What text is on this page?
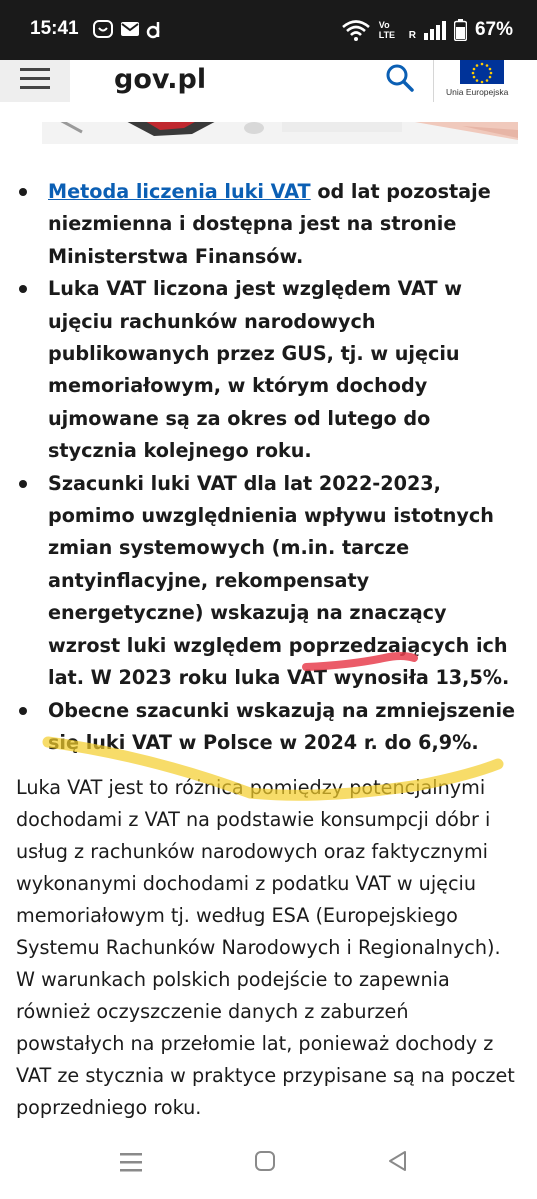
15:41	Vo LTE	R	67%
gov.pl	Unia Europejska
Metoda liczenia luki VAT od lat pozostaje niezmienna i dostępna jest na stronie Ministerstwa Finansów.
Luka VAT liczona jest względem VAT w ujęciu rachunków narodowych publikowanych przez GUS, tj. w ujęciu memoriałowym, w którym dochody ujmowane są za okres od lutego do stycznia kolejnego roku.
Szacunki luki VAT dla lat 2022-2023, pomimo uwzględnienia wpływu istotnych zmian systemowych (m.in. tarcze antyinflacyjne, rekompensaty energetyczne) wskazują na znaczący wzrost luki względem poprzedzających ich lat. W 2023 roku luka VAT wynosiła 13,5%.
Obecne szacunki wskazują na zmniejszenie się luki VAT w Polsce w 2024 r. do 6,9%.

Luka VAT jest to różnica pomiędzy potencjalnymi dochodami z VAT na podstawie konsumpcji dóbr i usług z rachunków narodowych oraz faktycznymi wykonanymi dochodami z podatku VAT w ujęciu memoriałowym tj. według ESA (Europejskiego Systemu Rachunków Narodowych i Regionalnych). W warunkach polskich podejście to zapewnia również oczyszczenie danych z zaburzeń powstałych na przełomie lat, ponieważ dochody z VAT ze stycznia w praktyce przypisane są na poczet poprzedniego roku.
